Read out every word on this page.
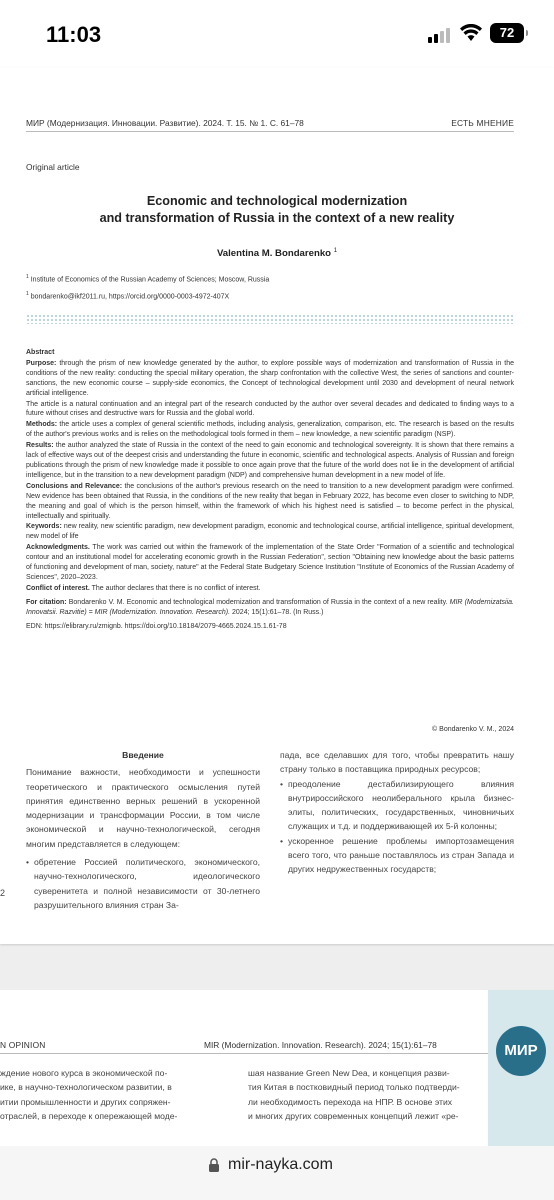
11:03	72
МИР (Модернизация. Инновации. Развитие). 2024. Т. 15. № 1. С. 61–78	ЕСТЬ МНЕНИЕ
Original article
Economic and technological modernization
and transformation of Russia in the context of a new reality
Valentina M. Bondarenko $^1$
$^1$ Institute of Economics of the Russian Academy of Sciences; Moscow, Russia
$^1$ bondarenko@ikf2011.ru, https://orcid.org/0000-0003-4972-407X

Abstract

Purpose: through the prism of new knowledge generated by the author, to explore possible ways of modernization and transformation of Russia in the conditions of the new reality: conducting the special military operation, the sharp confrontation with the collective West, the series of sanctions and counter-sanctions, the new economic course – supply-side economics, the Concept of technological development until 2030 and development of neural network artificial intelligence.

The article is a natural continuation and an integral part of the research conducted by the author over several decades and dedicated to finding ways to a future without crises and destructive wars for Russia and the global world.

Methods: the article uses a complex of general scientific methods, including analysis, generalization, comparison, etc. The research is based on the results of the author's previous works and is relies on the methodological tools formed in them – new knowledge, a new scientific paradigm (NSP).

Results: the author analyzed the state of Russia in the context of the need to gain economic and technological sovereignty. It is shown that there remains a lack of effective ways out of the deepest crisis and understanding the future in economic, scientific and technological aspects. Analysis of Russian and foreign publications through the prism of new knowledge made it possible to once again prove that the future of the world does not lie in the development of artificial intelligence, but in the transition to a new development paradigm (NDP) and comprehensive human development in a new model of life.

Conclusions and Relevance: the conclusions of the author's previous research on the need to transition to a new development paradigm were confirmed. New evidence has been obtained that Russia, in the conditions of the new reality that began in February 2022, has become even closer to switching to NDP, the meaning and goal of which is the person himself, within the framework of which his highest need is satisfied – to become perfect in the physical, intellectually and spiritually.

Keywords: new reality, new scientific paradigm, new development paradigm, economic and technological course, artificial intelligence, spiritual development, new model of life

Acknowledgments. The work was carried out within the framework of the implementation of the State Order "Formation of a scientific and technological contour and an institutional model for accelerating economic growth in the Russian Federation", section "Obtaining new knowledge about the basic patterns of functioning and development of man, society, nature" at the Federal State Budgetary Science Institution "Institute of Economics of the Russian Academy of Sciences", 2020–2023.

Conflict of interest. The author declares that there is no conflict of interest.

For citation: Bondarenko V. M. Economic and technological modernization and transformation of Russia in the context of a new reality. MIR (Modernizatsiia. Innovatsii. Razvitie) = MIR (Modernization. Innovation. Research). 2024; 15(1):61–78. (In Russ.)

EDN: https://elibrary.ru/zmignb. https://doi.org/10.18184/2079-4665.2024.15.1.61-78

© Bondarenko V. M., 2024
Введение

Понимание важности, необходимости и успешности теоретического и практического осмысления путей принятия единственно верных решений в ускоренной модернизации и трансформации России, в том числе экономической и научно-технологической, сегодня многим представляется в следующем:

• обретение Россией политического, экономического, научно-технологического, идеологического суверенитета и полной независимости от 30-летнего разрушительного влияния стран За-

пада, все сделавших для того, чтобы превратить нашу страну только в поставщика природных ресурсов;

• преодоление дестабилизирующего влияния внутрироссийского неолиберального крыла бизнес-элиты, политических, государственных, чиновничьих служащих и т.д. и поддерживающей их 5-й колонны;

• ускоренное решение проблемы импортозамещения всего того, что раньше поставлялось из стран Запада и других недружественных государств;

2
N OPINION	MIR (Modernization. Innovation. Research). 2024; 15(1):61–78	МИР
ждение нового курса в экономической по-
ике, в научно-технологическом развитии, в
итии промышленности и других сопряжен-
отраслей, в переходе к опережающей моде-
шая название Green New Dea, и концепция разви-
тия Китая в постковидный период только подтверди-
ли необходимость перехода на НПР. В основе этих
и многих других современных концепций лежит «ре-
mir-nayka.com
